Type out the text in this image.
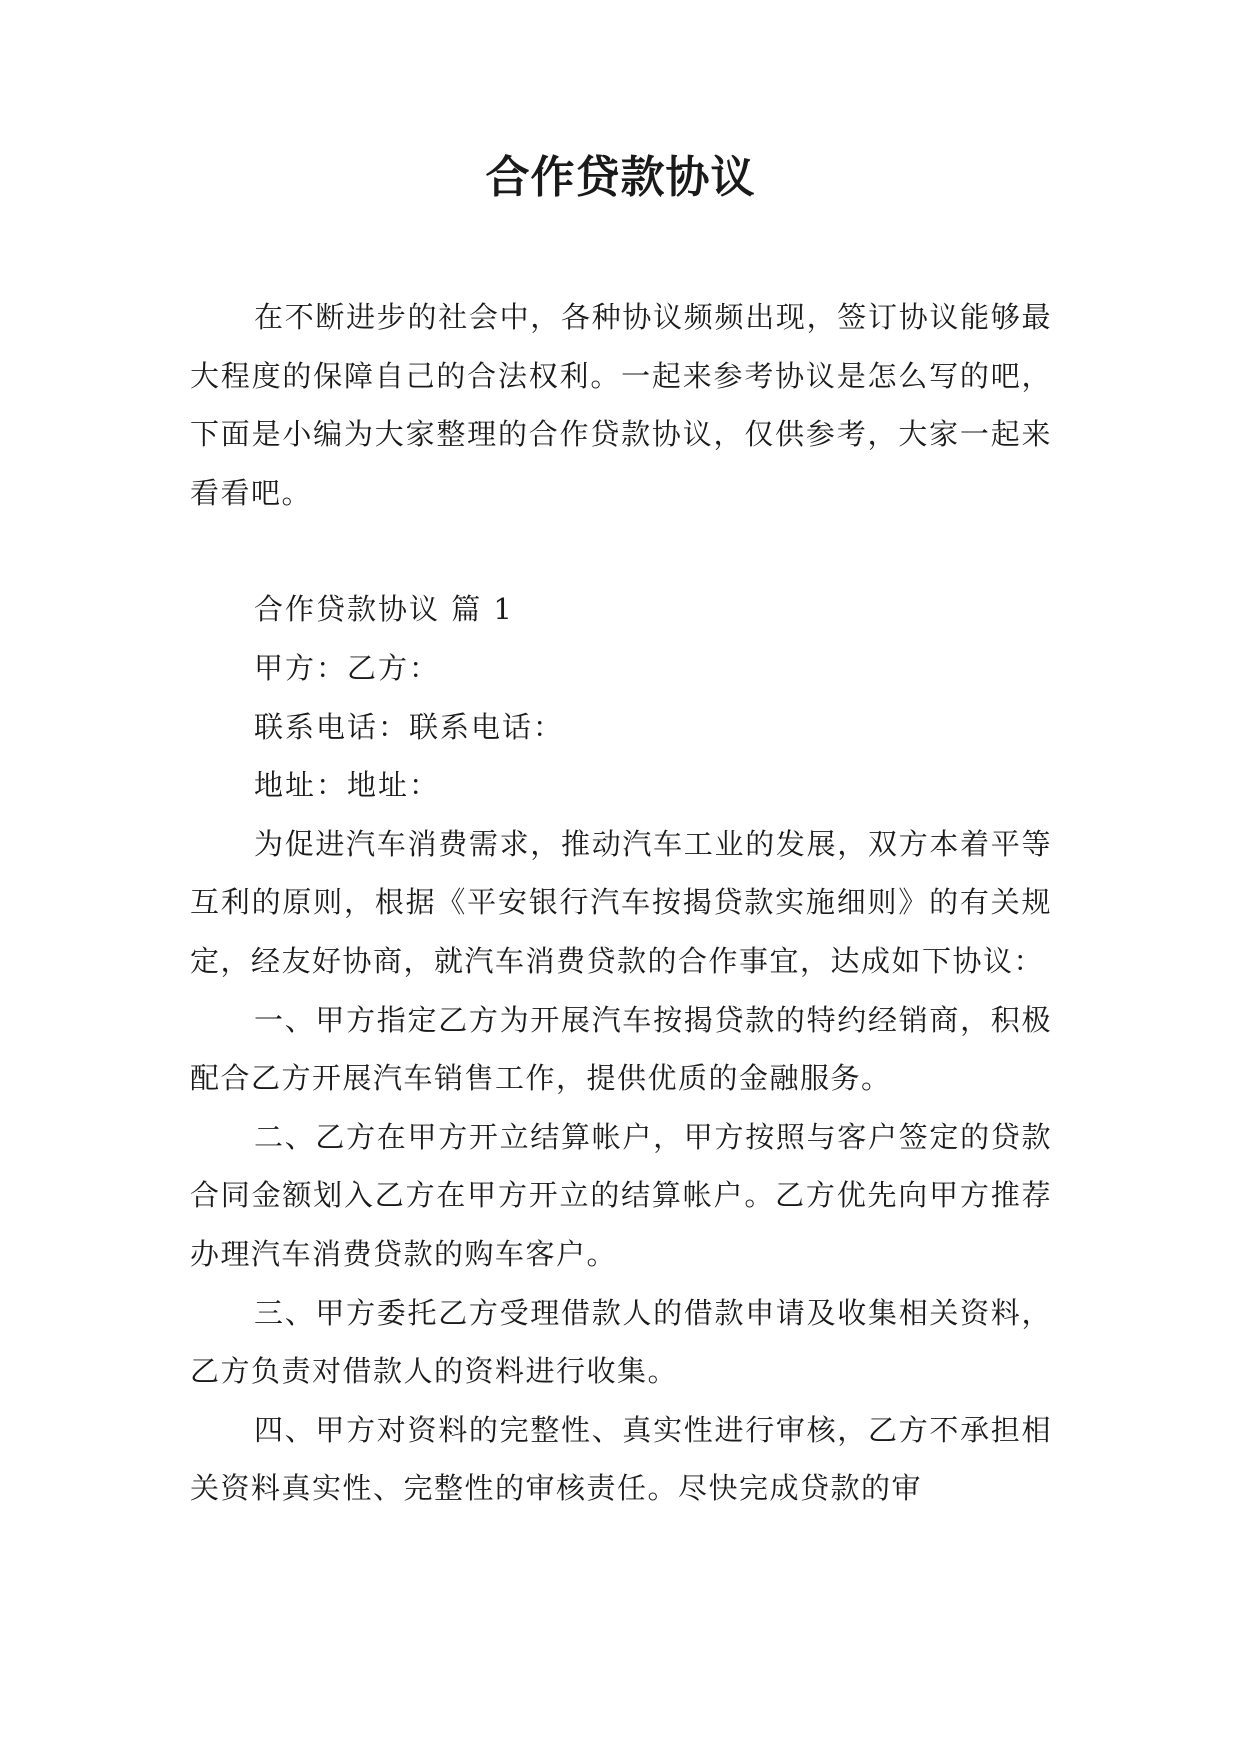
合作贷款协议

在不断进步的社会中，各种协议频频出现，签订协议能够最大程度的保障自己的合法权利。一起来参考协议是怎么写的吧，下面是小编为大家整理的合作贷款协议，仅供参考，大家一起来看看吧。

合作贷款协议 篇 1

甲方：乙方：

联系电话：联系电话：

地址：地址：

为促进汽车消费需求，推动汽车工业的发展，双方本着平等互利的原则，根据《平安银行汽车按揭贷款实施细则》的有关规定，经友好协商，就汽车消费贷款的合作事宜，达成如下协议：

一、甲方指定乙方为开展汽车按揭贷款的特约经销商，积极配合乙方开展汽车销售工作，提供优质的金融服务。

二、乙方在甲方开立结算帐户，甲方按照与客户签定的贷款合同金额划入乙方在甲方开立的结算帐户。乙方优先向甲方推荐办理汽车消费贷款的购车客户。

三、甲方委托乙方受理借款人的借款申请及收集相关资料，乙方负责对借款人的资料进行收集。

四、甲方对资料的完整性、真实性进行审核，乙方不承担相关资料真实性、完整性的审核责任。尽快完成贷款的审
